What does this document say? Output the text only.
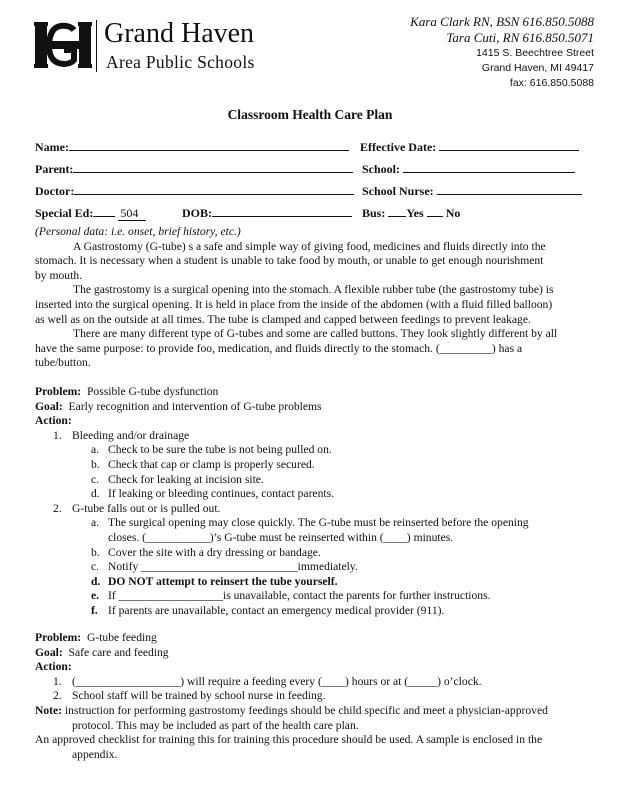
Grand Haven
Area Public Schools
Kara Clark RN, BSN 616.850.5088
Tara Cuti, RN 616.850.5071
1415 S. Beechtree Street
Grand Haven, MI 49417
fax: 616.850.5088
Classroom Health Care Plan
Name:	Effective Date:
Parent:	School:
Doctor:	School Nurse:
Special Ed: 504	DOB:	Bus: Yes No

(Personal data: i.e. onset, brief history, etc.)

A Gastrostomy (G-tube) s a safe and simple way of giving food, medicines and fluids directly into the

stomach. It is necessary when a student is unable to take food by mouth, or unable to get enough nourishment

by mouth.

The gastrostomy is a surgical opening into the stomach. A flexible rubber tube (the gastrostomy tube) is

inserted into the surgical opening. It is held in place from the inside of the abdomen (with a fluid filled balloon)

as well as on the outside at all times. The tube is clamped and capped between feedings to prevent leakage.

There are many different type of G-tubes and some are called buttons. They look slightly different by all

have the same purpose: to provide foo, medication, and fluids directly to the stomach. (_________) has a

tube/button.

Problem: Possible G-tube dysfunction
Goal: Early recognition and intervention of G-tube problems
Action:
1. Bleeding and/or drainage
a. Check to be sure the tube is not being pulled on.
b. Check that cap or clamp is properly secured.
c. Check for leaking at incision site.
d. If leaking or bleeding continues, contact parents.
2. G-tube falls out or is pulled out.
a. The surgical opening may close quickly. The G-tube must be reinserted before the opening
closes. (___________)’s G-tube must be reinserted within (____) minutes.
b. Cover the site with a dry dressing or bandage.
c. Notify ___________________________immediately.
d. DO NOT attempt to reinsert the tube yourself.
e. If __________________is unavailable, contact the parents for further instructions.
f. If parents are unavailable, contact an emergency medical provider (911).
Problem: G-tube feeding
Goal: Safe care and feeding
Action:
1. (__________________) will require a feeding every (____) hours or at (_____) o’clock.
2. School staff will be trained by school nurse in feeding.
Note: instruction for performing gastrostomy feedings should be child specific and meet a physician-approved
protocol. This may be included as part of the health care plan.
An approved checklist for training this for training this procedure should be used. A sample is enclosed in the
appendix.
